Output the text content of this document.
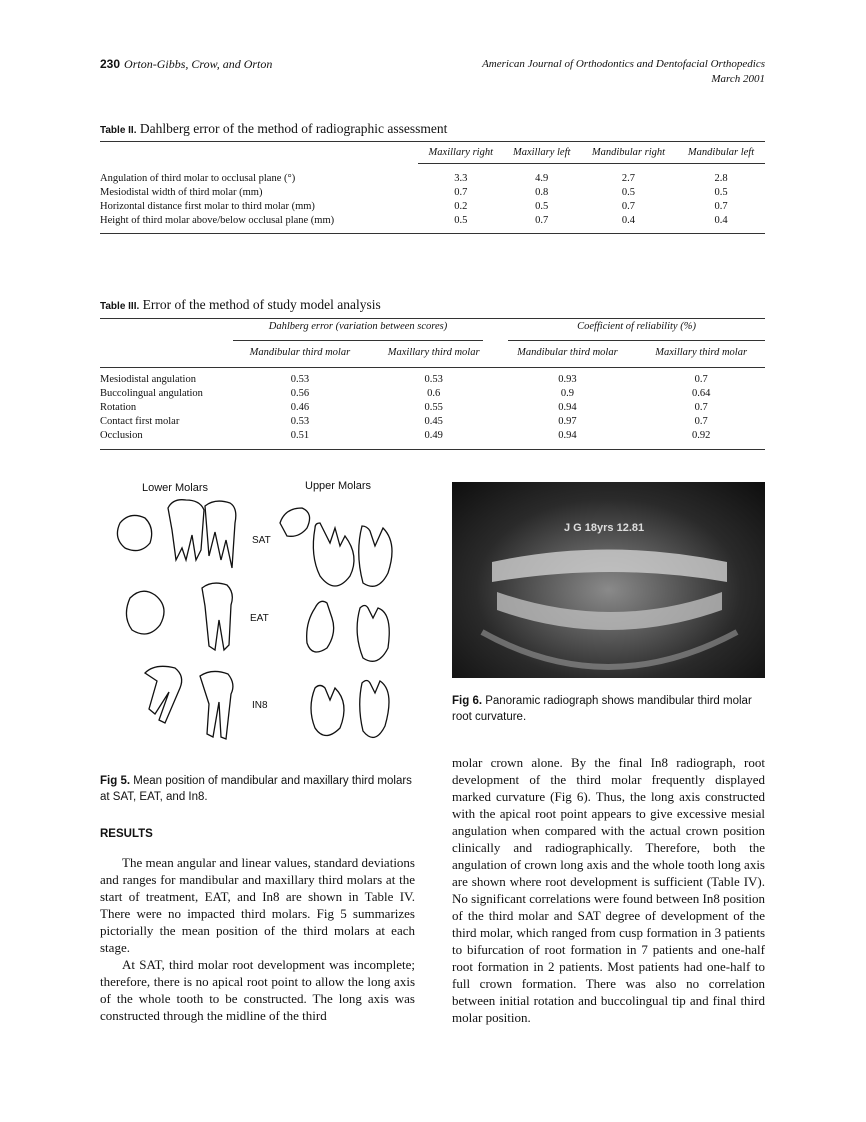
230 Orton-Gibbs, Crow, and Orton	American Journal of Orthodontics and Dentofacial Orthopedics
March 2001
Table II. Dahlberg error of the method of radiographic assessment
	Maxillary right	Maxillary left	Mandibular right	Mandibular left

Angulation of third molar to occlusal plane (°)	3.3	4.9	2.7	2.8
Mesiodistal width of third molar (mm)	0.7	0.8	0.5	0.5
Horizontal distance first molar to third molar (mm)	0.2	0.5	0.7	0.7
Height of third molar above/below occlusal plane (mm)	0.5	0.7	0.4	0.4
Table III. Error of the method of study model analysis
Dahlberg error (variation between scores)	Coefficient of reliability (%)
	Mandibular third molar	Maxillary third molar	Mandibular third molar	Maxillary third molar

Mesiodistal angulation	0.53	0.53	0.93	0.7
Buccolingual angulation	0.56	0.6	0.9	0.64
Rotation	0.46	0.55	0.94	0.7
Contact first molar	0.53	0.45	0.97	0.7
Occlusion	0.51	0.49	0.94	0.92
Lower Molars	Upper Molars
SAT
EAT
IN8
Fig 5. Mean position of mandibular and maxillary third molars at SAT, EAT, and In8.
J G 18yrs 12.81
Fig 6. Panoramic radiograph shows mandibular third molar root curvature.
RESULTS

The mean angular and linear values, standard deviations and ranges for mandibular and maxillary third molars at the start of treatment, EAT, and In8 are shown in Table IV. There were no impacted third molars. Fig 5 summarizes pictorially the mean position of the third molars at each stage.

At SAT, third molar root development was incomplete; therefore, there is no apical root point to allow the long axis of the whole tooth to be constructed. The long axis was constructed through the midline of the third

molar crown alone. By the final In8 radiograph, root development of the third molar frequently displayed marked curvature (Fig 6). Thus, the long axis constructed with the apical root point appears to give excessive mesial angulation when compared with the actual crown position clinically and radiographically. Therefore, both the angulation of crown long axis and the whole tooth long axis are shown where root development is sufficient (Table IV). No significant correlations were found between In8 position of the third molar and SAT degree of development of the third molar, which ranged from cusp formation in 3 patients to bifurcation of root formation in 7 patients and one-half root formation in 2 patients. Most patients had one-half to full crown formation. There was also no correlation between initial rotation and buccolingual tip and final third molar position.
